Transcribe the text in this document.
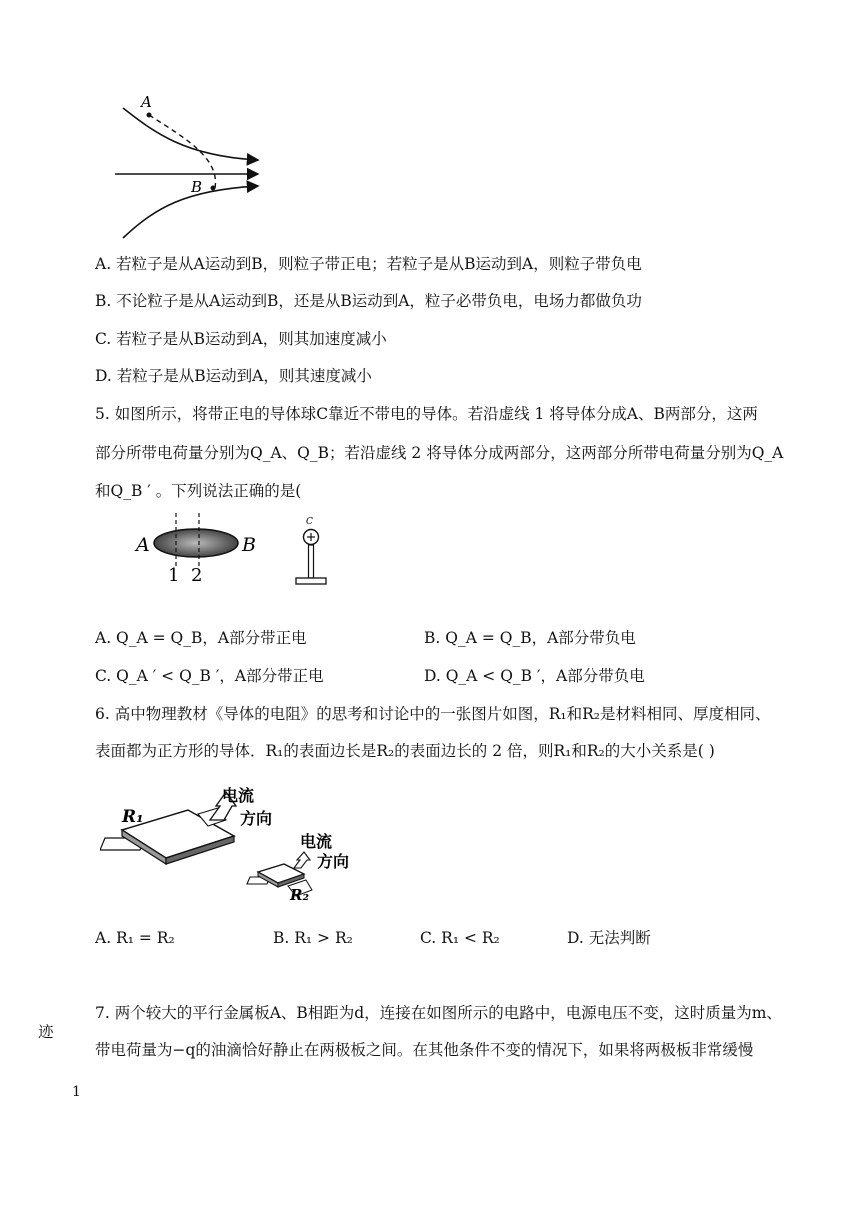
A
B
A. 若粒子是从A运动到B，则粒子带正电；若粒子是从B运动到A，则粒子带负电
B. 不论粒子是从A运动到B，还是从B运动到A，粒子必带负电，电场力都做负功
C. 若粒子是从B运动到A，则其加速度减小
D. 若粒子是从B运动到A，则其速度减小
5. 如图所示，将带正电的导体球C靠近不带电的导体。若沿虚线 1 将导体分成A、B两部分，这两
部分所带电荷量分别为Q_A、Q_B；若沿虚线 2 将导体分成两部分，这两部分所带电荷量分别为Q_A
和Q_B ′ 。下列说法正确的是(
A	B
1 2
C
A. Q_A = Q_B，A部分带正电	B. Q_A = Q_B，A部分带负电
C. Q_A ′ < Q_B ′，A部分带正电	D. Q_A < Q_B ′，A部分带负电
6. 高中物理教材《导体的电阻》的思考和讨论中的一张图片如图，R₁和R₂是材料相同、厚度相同、
表面都为正方形的导体．R₁的表面边长是R₂的表面边长的 2 倍，则R₁和R₂的大小关系是( )
R₁
电流
方向
R₂
电流
方向
A. R₁ = R₂	B. R₁ > R₂	C. R₁ < R₂	D. 无法判断
7. 两个较大的平行金属板A、B相距为d，连接在如图所示的电路中，电源电压不变，这时质量为m、
带电荷量为−q的油滴恰好静止在两极板之间。在其他条件不变的情况下，如果将两极板非常缓慢
迹
1
